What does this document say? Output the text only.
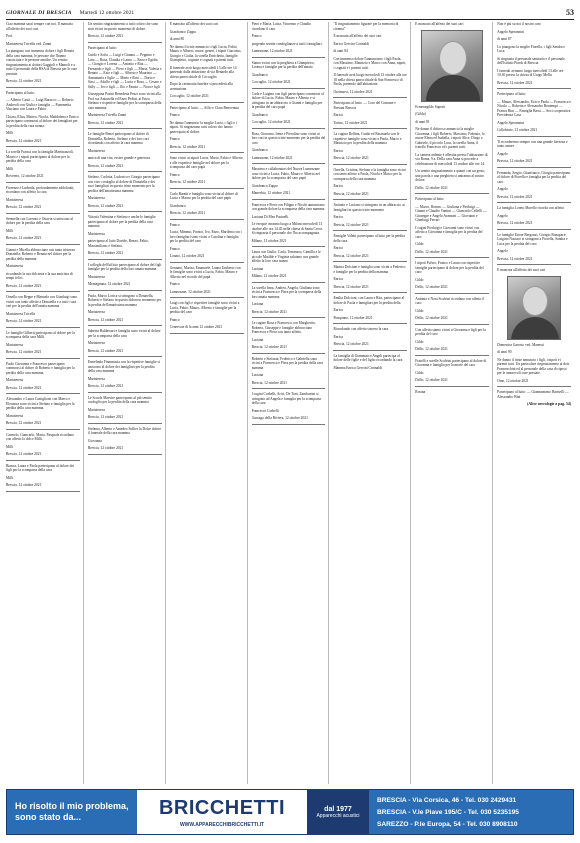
GIORNALE DI BRESCIA Martedì 12 ottobre 2021	53

Ciao mamma sarai sempre con noi. Il mancata all'affetto dei suoi cari.

Prof.

Mariateresa Trivella ved. Zanni

La piangono con immenso dolore i figli Renata della cara mamma, le persone che l'hanno conosciuta e le persone amiche. Un sentito ringraziamento ai dottori Gaggioli e Mamoli e a tutto il personale della RSA di Brescia per le cure prestate.

Brescia, 12 ottobre 2021

Partecipano al lutto:

— Alberto Castò — Luigi Barucco — Roberto Andreoli con Giulia e famiglia — Fiammetta Vinciano con Laura e Fabio

Chiara, Elisa, Matteo, Nicola, Maddalena e Enrico partecipano commossi al dolore dei famigliari per la perdita della cara nonna.

Milli

Brescia, 12 ottobre 2021

La sorella Franca con la famiglia Martinazzoli, Mauro e i nipoti partecipano al dolore per la perdita della cara

Milli

Rovereto, 12 ottobre 2021

Fiorenzo e Ludmila, profondamente addolorati, ricordano con affetto la cara

Mariateresa

Brescia, 12 ottobre 2021

Serenella con Lorenzo e Ottavia si uniscono al dolore per la perdita della cara

Milli

Brescia, 12 ottobre 2021

Gianni e Mirella abbracciano con tanta tristezza Donatella, Roberto e Renata nel dolore per la perdita della mamma

Mariateresa

ricordando la sua dolcezza e la sua amicizia di tempi felici.

Brescia, 12 ottobre 2021

Ornella con Beppe e Manuela con Gianluigi sono vicini con tanto affetto a Donatella e a tutti i suoi cari per la perdita dell'amata mamma

Mariateresa Trivella

Brescia, 12 ottobre 2021

Le famiglie Gilberti partecipano al dolore per la scomparsa della cara Milli.

Mariateresa

Brescia, 12 ottobre 2021

Paolo Giovanna e Francesco partecipano commossi al dolore di Roberto e famiglia per la perdita della cara mamma.

Mariateresa

Brescia, 12 ottobre 2021

Alessandro e Laura Castiglione con Marco e Eleonora sono vicini a Stefano e famiglia per la perdita della cara mamma.

Mariateresa

Brescia, 12 ottobre 2021

Carmelo, Giancarlo, Maria, Pasquale ricordano con affetto la dolce Milli.

Milli

Brescia, 12 ottobre 2021

Bianca, Laura e Paola partecipano al dolore dei figli per la scomparsa della cara

Milli

Brescia, 12 ottobre 2021

Un sentito ringraziamento a tutti coloro che sono stati vicini in questo momento di dolore.

Brescia, 12 ottobre 2021

Partecipano al lutto:

Guido e Sofia — Luigi e Gianna — Peppino e Lina — Rosa, Claudia e Lauro — Enzo e Egidia — Giorgio e Lorena — Antonio e Rita — Fernando e figli — Piero e figli — Maria, Valeria e Renato — Ezio e figli — Alberto e Maurizio — Annamaria e figlie — Mario e Rosi — Dario e Sissi — Adolfo e figli — Lucio e Rosa — Cesare e Sally — Ivo e figli — Ilio e Fausta — Nora e figli

Giuseppina Pasini Benedetta Pezzi sono vicini alla Prof.ssa Antonella ed Enzo Pedini, ai Enzo, Stefano e rispettive famiglie per la scomparsa della cara mamma

Mariateresa Trivella Zanni

Brescia, 12 ottobre 2021

Le famiglie Benzi partecipano al dolore di Donatella, Roberto, Stefano e dei loro cari ricordando con affetto la cara mamma

Mariateresa

amica di una vita, essere grande e generosa.

Brescia, 12 ottobre 2021

Stefano, Carlotta, Ludovica e Giorgio partecipano con vivo cordoglio al dolore di Donatella e dei suoi famigliari in questo triste momento per la perdita dell'amatissima mamma

Mariateresa

Brescia, 12 ottobre 2021

Vittoria Valentina e Stefano e anche le famiglie partecipano al dolore per la perdita della cara mamma

Mariateresa

partecipano al lutto Davide, Renzo, Fabio, Massimiliano e Stefano.

Brescia, 12 ottobre 2021

I colleghi dell'ufficio partecipano al dolore del figli famiglie per la perdita della loro amata mamma

Mariateresa

Montagnana, 12 ottobre 2021

Paola, Marco Lorica si stringono a Donatella, Roberto e Stefano in questo doloroso momento per la perdita dell'amatissima mamma

Mariateresa

Brescia, 12 ottobre 2021

Sabrina Baldassari e famiglia sono vicini al dolore per la scomparsa della cara

Mariateresa

Brescia, 12 ottobre 2021

Ermelinda Finanziaria con la rispettive famiglie si uniscono al dolore dei famigliari per la perdita della cara mamma

Mariateresa

Brescia, 12 ottobre 2021

Le Scuole Maestre partecipano al più sentito cordoglio per la perdita della cara mamma

Mariateresa

Brescia, 12 ottobre 2021

Stefania, Alberto e Amedeo Sollier la Dolce dolore il funerale della cara mamma

Giovanna

Brescia, 12 ottobre 2021

E mancato all'affetto dei suoi cari

Gianfranco Zappa

di anni 80

Ne danno il triste annuncio i figli Lucia, Fabio, Mauro e Alberto, nuore, generi, i nipoti Giacomo, Giorgio e Giulia, la sorella Enrichetta, famiglie Giampietro, cognate e cognati e parenti tutti.

Il funerale avrà luogo mercoledì 13 alle ore 14 partendo dalla abitazione di via Benardo alla chiesa parrocchiale di Coccaglio.

Dopo la cerimonia funebre si procederà alla cremazione.

Coccaglio, 12 ottobre 2021

Partecipano al lutto: — Alfio e Clara Benvenuta

Franco

Ne danno l'annuncio la moglie Lucia, i figli e i nipoti. Si ringraziano tutti coloro che hanno partecipato al dolore.

Franco

Brescia, 12 ottobre 2021

Sono vicini ai nipoti Lucia, Mario, Fabio e Alberto e alle rispettive famiglie nel dolore per la scomparsa del caro papà

Franco

Brescia, 12 ottobre 2021

Carlo Baratti e famiglia sono vicini al dolore di Lucia e Mauro per la perdita del caro papà

Gianfranco

Brescia, 12 ottobre 2021

Franco

Lucia, Mimmo, Franco, Ivo, Enzo, Marilena con i loro famigliari sono vicini a Carolina e famiglia per la perdita del caro

Franco

Lonato, 12 ottobre 2021

Gennaro, Marisa, Emanuele, Luana Umberto con le famiglie sono vicini a Lucia, Fabio, Mauro e Alberto nel ricordo del papà

Franco

Lumezzane, 12 ottobre 2021

Luigi con figli e rispettive famiglie sono vicini a Lucia, Fabio, Mauro, Alberto e famiglie per la perdita del caro

Franco

Cenervate di la anni 12 ottobre 2021

Piero e Maria, Luisa, Vincenzo e Claudio ricordano il caro

Franco

porgendo sentite condoglianze a tutti i famigliari.

Lumezzane, 12 ottobre 2021

Siamo vicini con la preghiera a Giampietro, Lorena e famiglie per la perdita dell'amato

Gianfranco

Coccaglio, 12 ottobre 2021

Carla e Luigino con figli partecipano commossi al dolore di Lucia, Fabio, Mauro e Alberto e si stringono in un abbraccio a Gianni e famiglia per la perdita del caro papà

Gianfranco

Coccaglio, 12 ottobre 2021

Rosa, Giacomo, Irene e Pierolino sono vicini ai loro cari in questo triste momento per la perdita del caro

Gianfranco

Lumezzane, 12 ottobre 2021

Massimo e collaboratori del Nuova Lumezzane sono vicini a Lucia, Fabio, Mauro e Alberto nel dolore per la scomparsa del caro papà

Gianfranco Zappa

Manerbio, 12 ottobre 2021

Francesca e Piera con Filippo e Nicole annunciano con grande dolore la scomparsa della cara mamma

Luciana Di Meo Pasinelli

Le esequie avranno luogo a Milano mercoledì 13 ottobre alle ore 14.45 nella chiesa di Santa Croce. Si ringrazia il personale che l'ha accompagnata.

Milano, 12 ottobre 2021

Laura con Giulio, Carla, Tommaso, Camilla e le piccole Matilde e Virginia salutano con grande affetto la loro cara nonna

Luciana

Milano, 12 ottobre 2021

La sorella Irma, Andrea, Angela, Giuliana sono vicini a Francesca e Piera per la scomparsa della loro amata mamma

Luciana

Brescia, 12 ottobre 2021

Le cugine Rosa e Francesca con Margherita, Roberto, Giuseppe e famiglie abbracciano Francesca e Piera con tanto affetto.

Luciana

Brescia, 12 ottobre 2021

Roberto e Stefania, Federico e Gabriella sono vicini a Francesca e Piera per la perdita della cara mamma

Luciana

Brescia, 12 ottobre 2021

I cugini Corbelli, Arici, De Toni, Zambonini si stringono ad Angela e famiglia per la scomparsa della cara

Francesco Corbelli

Gussago della Riviera, 12 ottobre 2021

"Il ringraziamento figurare per la memoria di cinema"

E mancata all'affetto dei suoi cari

Enrica Gervini Corinaldi

di anni 84

Con immenso dolore l'annunciano i figli Paola, con Massimo, Maurizio e Marco con Anna, nipoti, i cognati e i parenti tutti.

Il funerale avrà luogo mercoledì 13 ottobre alle ore 10 nella chiesa parrocchiale di San Francesco di Paola, partendo dall'abitazione.

Orzinuovi, 12 ottobre 2021

Partecipano al lutto: — Coro del Comune e Paesani Brescia

Enrica

Torino, 12 ottobre 2021

La cugina Delfina, Guido ed Emanuela con le rispettive famiglie sono vicini a Paola, Marco e Maurizio per la perdita della mamma

Enrica

Brescia, 12 ottobre 2021

Ornella, Cristina, Stefano e la famiglia sono vicini con tanto affetto a Paola, Nicola e Marco per la scomparsa della cara mamma

Enrica

Brescia, 12 ottobre 2021

Antonio e Luciano si stringono in un abbraccio ai famigliari in questo triste momento

Enrica

Brescia, 12 ottobre 2021

Famiglie Valetti partecipano al lutto per la perdita della cara

Enrica

Brescia, 12 ottobre 2021

Marina Dolcioni e famiglia sono vicini a Federico e famiglie per la perdita della mamma

Enrica

Brescia, 12 ottobre 2021

Emilia Dolcioni, con Laura e Rita, partecipano al dolore di Paola e famigliari per la perdita della

Enrica

Pompiano, 12 ottobre 2021

Ricordando con affetto sincero la cara

Enrica

Brescia, 12 ottobre 2021

La famiglia di Giammarco Angeli partecipa al dolore delle figlie e del figlio ricordando la cara

Mamma Enrica Gervini Corinaldi

E mancato all'affetto dei suoi cari

Ermenegildo Superti

(Gildo)

di anni 81

Ne danno il doloroso annuncio la moglie Giovanna, i figli Roberto, Massimo, Fabrizio, le nuore Elena ed Isabella, i nipoti Alice, Diego e Gabriele, il piccolo Luca, la sorella Anna, il fratello Francesco ed i parenti tutti.

La camera ardente è allestita presso l'abitazione di via Roma, 9 a. Della cara Anna si procede a celebrazione di mercoledì 13 ottobre alle ore 14.

Un sentito ringraziamento a quanti con un gesto, una parola o una preghiera si uniranno al nostro dolore.

Dello, 12 ottobre 2021

Partecipano al lutto:

— Marco, Romeo — Giuliana e Pierluigi — Gianni e Claudio Vantini — Giancarlo Cellelli — Giuseppe e Angelo Avanzini — Giovanni e Gianluigi Ferrari

I cugini Pierluigi e Giovanni sono vicini con affetto a Giovanna e famiglia per la perdita del caro

Gildo

Dello, 12 ottobre 2021

I nipoti Fulvio, Franco e Laura con rispettive famiglie partecipano al dolore per la perdita del caro

Gildo

Dello, 12 ottobre 2021

Antonio e Nora Scalvini ricordano con affetto il caro

Gildo

Dello, 12 ottobre 2021

Con affetto siamo vicini a Giovanna e figli per la perdita del caro

Gildo

Dello, 12 ottobre 2021

Fratelli e sorelle Scalvini partecipano al dolore di Giovanna e famiglia per la morte del caro

Gildo

Dello, 12 ottobre 2021

Rosina

Non è più su noi il nostro caro

Angelo Speranzini

di anni 87

Lo piangono la moglie Fiorella, i figli Sandra e Luca.

Si ringrazia il personale sanitario e il personale dell'Istituto Piardi di Brescia.

I funerali avranno luogo mercoledì 13 alle ore 10.30 presso la chiesa di Urago Mella.

Brescia, 12 ottobre 2021

Partecipano al lutto:

— Mauro, Alessandro, Ezio e Paola — Francesca e Nicola — Roberta e Alessandro Bontempi — Franca Bini — Famiglia Bassi — Soci cooperativa Previdenza Casa

Angelo Speranzini

Collebeato, 12 ottobre 2021

Ti ricorderemo sempre con una grande fierezza e tanto amore

Angelo

Brescia, 12 ottobre 2021

Fernanda, Sergio, Gianfranco, Giorgio partecipano al dolore di Fiorella e famiglia per la perdita del caro

Angelo

Brescia, 12 ottobre 2021

La famiglia Loreto Morello ricorda con affetto

Angelo

Brescia, 12 ottobre 2021

Le famiglie Ettore Bergonzi, Giorgio Bonapace, Luigino Nassaro si stringono a Fiorella, Sandra e Luca per la perdita del caro

Angelo

Brescia, 12 ottobre 2021

E mancata all'affetto dei suoi cari

Domenica Garosio ved. Manessi

di anni 90

Ne danno il triste annuncio i figli, i nipoti e i parenti tutti. Un particolare ringraziamento ai dott. Franceschini ed al personale della casa di riposo per le amorevoli cure prestate.

Ome, 12 ottobre 2021

Partecipano al lutto: — Giannantonio Bariselli — Alessandro Bini

(Altre necrologie a pag. 54)

Ho risolto il mio problema,
sono stato da...	BRICCHETTI
WWW.APPARECCHIBRICCHETTI.IT
dal 1977
Apparecchi acustici
BRESCIA - Via Corsica, 46 - Tel. 030 2429431
BRESCIA - V.le Piave 195/C - Tel. 030 5235195
SAREZZO - P.le Europa, 54 - Tel. 030 8908110
